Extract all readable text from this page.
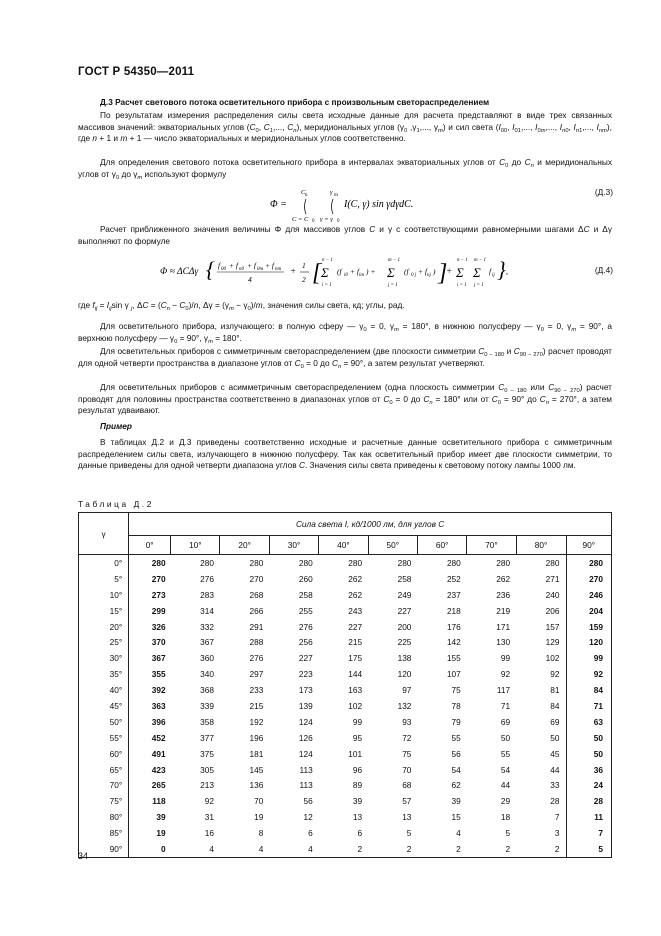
ГОСТ Р 54350—2011
Д.3 Расчет светового потока осветительного прибора с произвольным светораспределением
По результатам измерения распределения силы света исходные данные для расчета представляют в виде трех связанных массивов значений: экваториальных углов ($C_0$, $C_1$,..., $C_n$), меридиональных углов ($\gamma_0$ $,\gamma_1$,..., $\gamma_m$) и сил света ($I_{00}$, $I_{01}$,..., $I_{0m}$,..., $I_{n0}$, $I_{n1}$,..., $I_{nm}$), где n + 1 и m + 1 — число экваториальных и меридиональных углов соответственно.
Для определения светового потока осветительного прибора в интервалах экваториальных углов от $C_0$ до $C_n$ и меридиональных углов от $\gamma_0$ до $\gamma_m$ используют формулу
Φ =
C n
C = C 0
γ m
γ = γ 0
I(C, γ) sin γdγdC.
(Д.3)
Расчет приближенного значения величины Φ для массивов углов C и γ с соответствующими равномерными шагами ΔC и Δγ выполняют по формуле
Φ ≈ ΔCΔγ { f 00 + f n0 + f 0m + f nm
4
+
1
2 [ n − 1
Σ
i = 1
(f i0 + f im ) +
m − 1
Σ
j = 1
(f 0 j + f nj ) ]
+
n − 1
Σ
i = 1
m − 1
Σ
j = 1
f ij } ,	(Д.4)
где $f_{ij} = I_{ij}\sin$ γ $_j$, $\Delta C = (C_n - C_0)/n$, $\Delta\gamma = (\gamma_m - \gamma_0)/m$, значения силы света, кд; углы, рад.
Для осветительного прибора, излучающего: в полную сферу — $\gamma_0 = 0$, $\gamma_m = 180^\circ$, в нижнюю полусферу — $\gamma_0 = 0$, $\gamma_m = 90^\circ$, а верхнюю полусферу — $\gamma_0 = 90^\circ$, $\gamma_m = 180^\circ$.
Для осветительных приборов с симметричным светораспределением (две плоскости симметрии $C_{0 - 180}$ и $C_{90 - 270}$) расчет проводят для одной четверти пространства в диапазоне углов от $C_0 = 0$ до $C_n = 90^\circ$, а затем результат учетверяют.
Для осветительных приборов с асимметричным светораспределением (одна плоскость симметрии $C_{0 - 180}$ или $C_{90 - 270}$) расчет проводят для половины пространства соответственно в диапазонах углов от $C_0 = 0$ до $C_n = 180^\circ$ или от $C_0 = 90^\circ$ до $C_n = 270^\circ$, а затем результат удваивают.
Пример
В таблицах Д.2 и Д.3 приведены соответственно исходные и расчетные данные осветительного прибора с симметричным распределением силы света, излучающего в нижнюю полусферу. Так как осветительный прибор имеет две плоскости симметрии, то данные приведены для одной четверти диапазона углов C. Значения силы света приведены к световому потоку лампы 1000 лм.
Таблица Д.2
γ	Сила света I, кд/1000 лм, для углов C									
	0°	10°	20°	30°	40°	50°	60°	70°	80°	90°
0°	280	280	280	280	280	280	280	280	280	280
5°	270	276	270	260	262	258	252	262	271	270
10°	273	283	268	258	262	249	237	236	240	246
15°	299	314	266	255	243	227	218	219	206	204
20°	326	332	291	276	227	200	176	171	157	159
25°	370	367	288	256	215	225	142	130	129	120
30°	367	360	276	227	175	138	155	99	102	99
35°	355	340	297	223	144	120	107	92	92	92
40°	392	368	233	173	163	97	75	117	81	84
45°	363	339	215	139	102	132	78	71	84	71
50°	396	358	192	124	99	93	79	69	69	63
55°	452	377	196	126	95	72	55	50	50	50
60°	491	375	181	124	101	75	56	55	45	50
65°	423	305	145	113	96	70	54	54	44	36
70°	265	213	136	113	89	68	62	44	33	24
75°	118	92	70	56	39	57	39	29	28	28
80°	39	31	19	12	13	13	15	18	7	11
85°	19	16	8	6	6	5	4	5	3	7
90°	0	4	4	4	2	2	2	2	2	5
34
